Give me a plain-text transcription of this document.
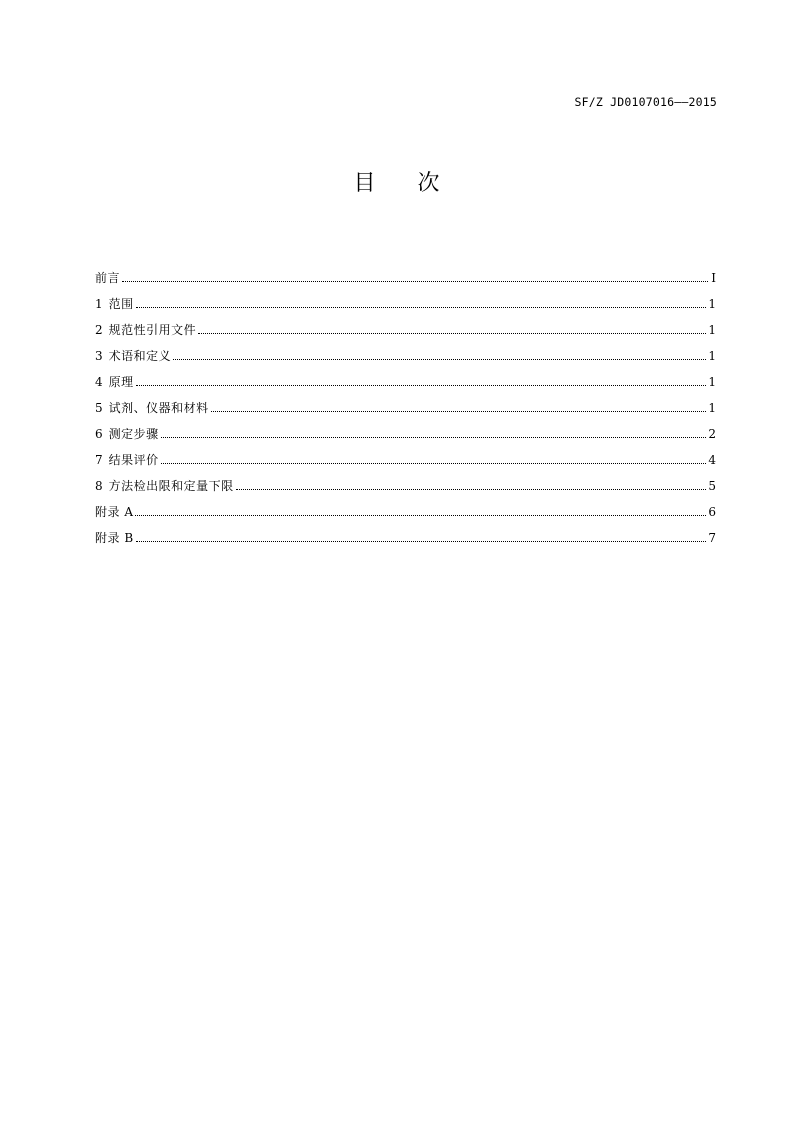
SF/Z JD0107016——2015
目次
前言	I
1 范围	1
2 规范性引用文件	1
3 术语和定义	1
4 原理	1
5 试剂、仪器和材料	1
6 测定步骤	2
7 结果评价	4
8 方法检出限和定量下限	5
附录 A	6
附录 B	7
